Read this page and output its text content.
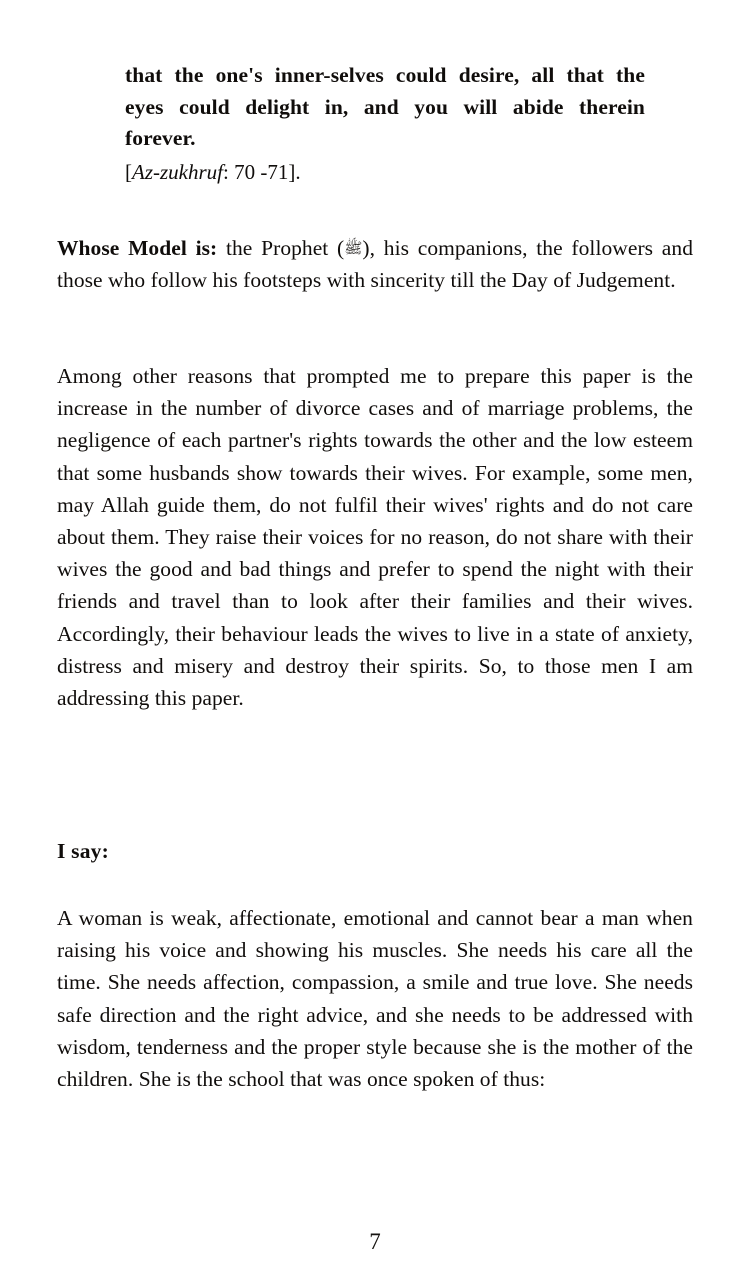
that the one's inner-selves could desire, all that the eyes could delight in, and you will abide therein forever.

[Az-zukhruf: 70 -71].

Whose Model is: the Prophet (ﷺ), his companions, the followers and those who follow his footsteps with sincerity till the Day of Judgement.

Among other reasons that prompted me to prepare this paper is the increase in the number of divorce cases and of marriage problems, the negligence of each partner's rights towards the other and the low esteem that some husbands show towards their wives. For example, some men, may Allah guide them, do not fulfil their wives' rights and do not care about them. They raise their voices for no reason, do not share with their wives the good and bad things and prefer to spend the night with their friends and travel than to look after their families and their wives. Accordingly, their behaviour leads the wives to live in a state of anxiety, distress and misery and destroy their spirits. So, to those men I am addressing this paper.

I say:

A woman is weak, affectionate, emotional and cannot bear a man when raising his voice and showing his muscles. She needs his care all the time. She needs affection, compassion, a smile and true love. She needs safe direction and the right advice, and she needs to be addressed with wisdom, tenderness and the proper style because she is the mother of the children. She is the school that was once spoken of thus:

7
